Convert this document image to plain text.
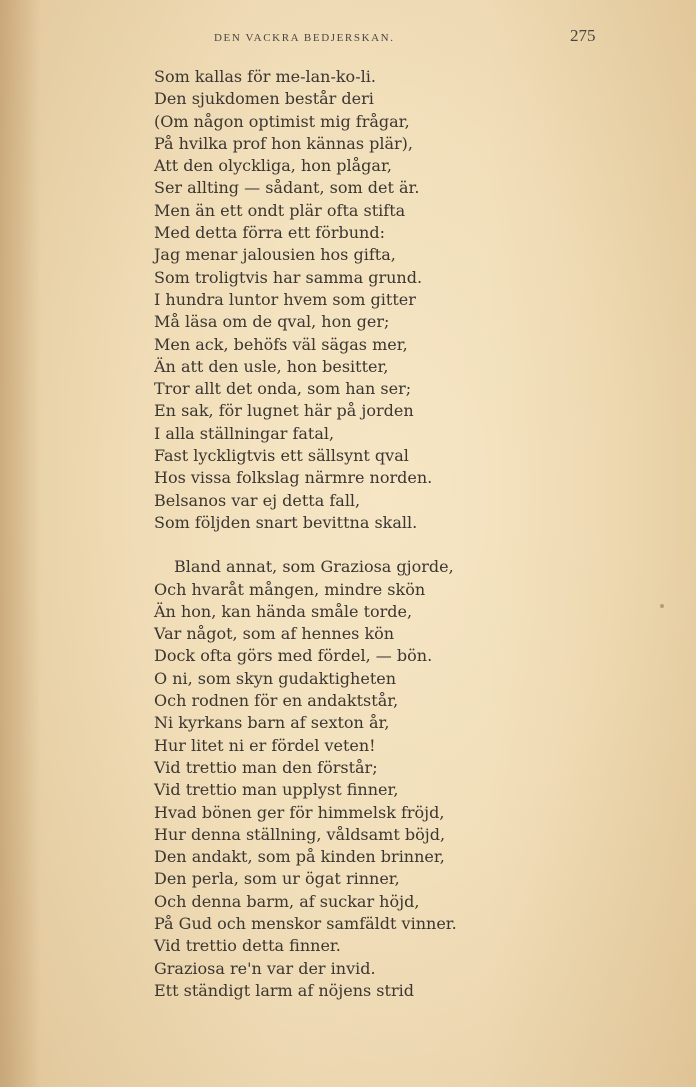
DEN VACKRA BEDJERSKAN.	275
Som kallas för me-lan-ko-li.
Den sjukdomen består deri
(Om någon optimist mig frågar,
På hvilka prof hon kännas plär),
Att den olyckliga, hon plågar,
Ser allting — sådant, som det är.
Men än ett ondt plär ofta stifta
Med detta förra ett förbund:
Jag menar jalousien hos gifta,
Som troligtvis har samma grund.
I hundra luntor hvem som gitter
Må läsa om de qval, hon ger;
Men ack, behöfs väl sägas mer,
Än att den usle, hon besitter,
Tror allt det onda, som han ser;
En sak, för lugnet här på jorden
I alla ställningar fatal,
Fast lyckligtvis ett sällsynt qval
Hos vissa folkslag närmre norden.
Belsanos var ej detta fall,
Som följden snart bevittna skall.
Bland annat, som Graziosa gjorde,
Och hvaråt mången, mindre skön
Än hon, kan hända småle torde,
Var något, som af hennes kön
Dock ofta görs med fördel, — bön.
O ni, som skyn gudaktigheten
Och rodnen för en andaktstår,
Ni kyrkans barn af sexton år,
Hur litet ni er fördel veten!
Vid trettio man den förstår;
Vid trettio man upplyst finner,
Hvad bönen ger för himmelsk fröjd,
Hur denna ställning, våldsamt böjd,
Den andakt, som på kinden brinner,
Den perla, som ur ögat rinner,
Och denna barm, af suckar höjd,
På Gud och menskor samfäldt vinner.
Vid trettio detta finner.
Graziosa re'n var der invid.
Ett ständigt larm af nöjens strid
